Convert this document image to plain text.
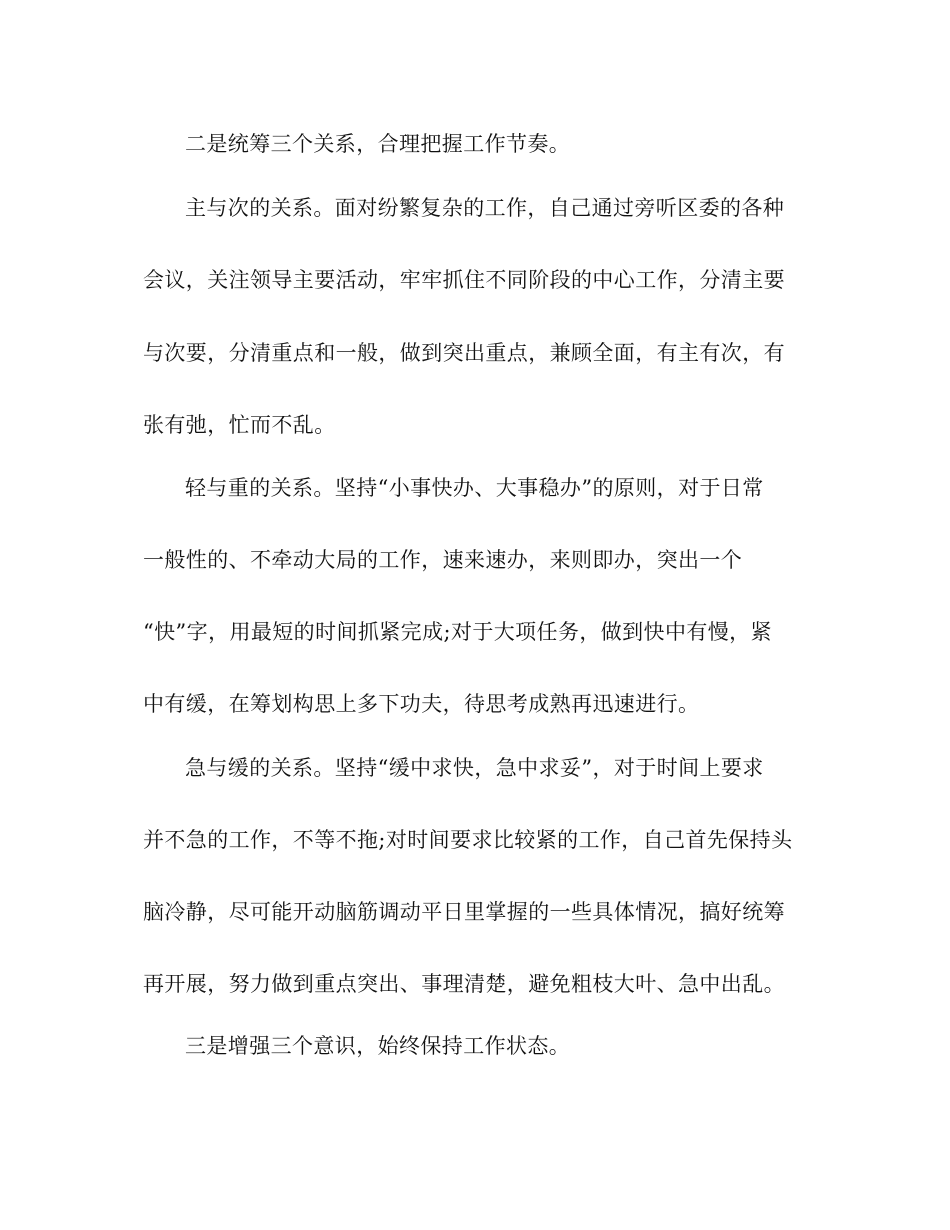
二是统筹三个关系，合理把握工作节奏。
主与次的关系。面对纷繁复杂的工作，自己通过旁听区委的各种
会议，关注领导主要活动，牢牢抓住不同阶段的中心工作，分清主要
与次要，分清重点和一般，做到突出重点，兼顾全面，有主有次，有
张有弛，忙而不乱。
轻与重的关系。坚持“小事快办、大事稳办”的原则，对于日常
一般性的、不牵动大局的工作，速来速办，来则即办，突出一个
“快”字，用最短的时间抓紧完成;对于大项任务，做到快中有慢，紧
中有缓，在筹划构思上多下功夫，待思考成熟再迅速进行。
急与缓的关系。坚持“缓中求快，急中求妥”，对于时间上要求
并不急的工作，不等不拖;对时间要求比较紧的工作，自己首先保持头
脑冷静，尽可能开动脑筋调动平日里掌握的一些具体情况，搞好统筹
再开展，努力做到重点突出、事理清楚，避免粗枝大叶、急中出乱。
三是增强三个意识，始终保持工作状态。
